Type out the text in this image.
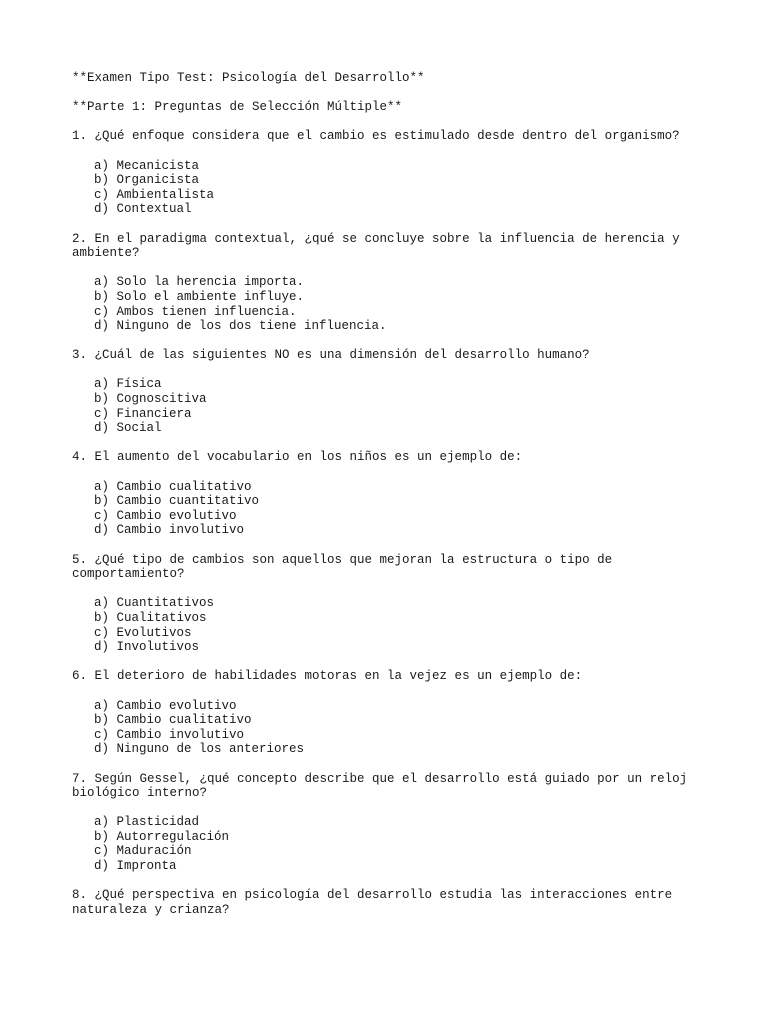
**Examen Tipo Test: Psicología del Desarrollo**

**Parte 1: Preguntas de Selección Múltiple**

1. ¿Qué enfoque considera que el cambio es estimulado desde dentro del organismo?

a) Mecanicista

b) Organicista

c) Ambientalista

d) Contextual

2. En el paradigma contextual, ¿qué se concluye sobre la influencia de herencia y ambiente?

a) Solo la herencia importa.

b) Solo el ambiente influye.

c) Ambos tienen influencia.

d) Ninguno de los dos tiene influencia.

3. ¿Cuál de las siguientes NO es una dimensión del desarrollo humano?

a) Física

b) Cognoscitiva

c) Financiera

d) Social

4. El aumento del vocabulario en los niños es un ejemplo de:

a) Cambio cualitativo

b) Cambio cuantitativo

c) Cambio evolutivo

d) Cambio involutivo

5. ¿Qué tipo de cambios son aquellos que mejoran la estructura o tipo de comportamiento?

a) Cuantitativos

b) Cualitativos

c) Evolutivos

d) Involutivos

6. El deterioro de habilidades motoras en la vejez es un ejemplo de:

a) Cambio evolutivo

b) Cambio cualitativo

c) Cambio involutivo

d) Ninguno de los anteriores

7. Según Gessel, ¿qué concepto describe que el desarrollo está guiado por un reloj biológico interno?

a) Plasticidad

b) Autorregulación

c) Maduración

d) Impronta

8. ¿Qué perspectiva en psicología del desarrollo estudia las interacciones entre naturaleza y crianza?
